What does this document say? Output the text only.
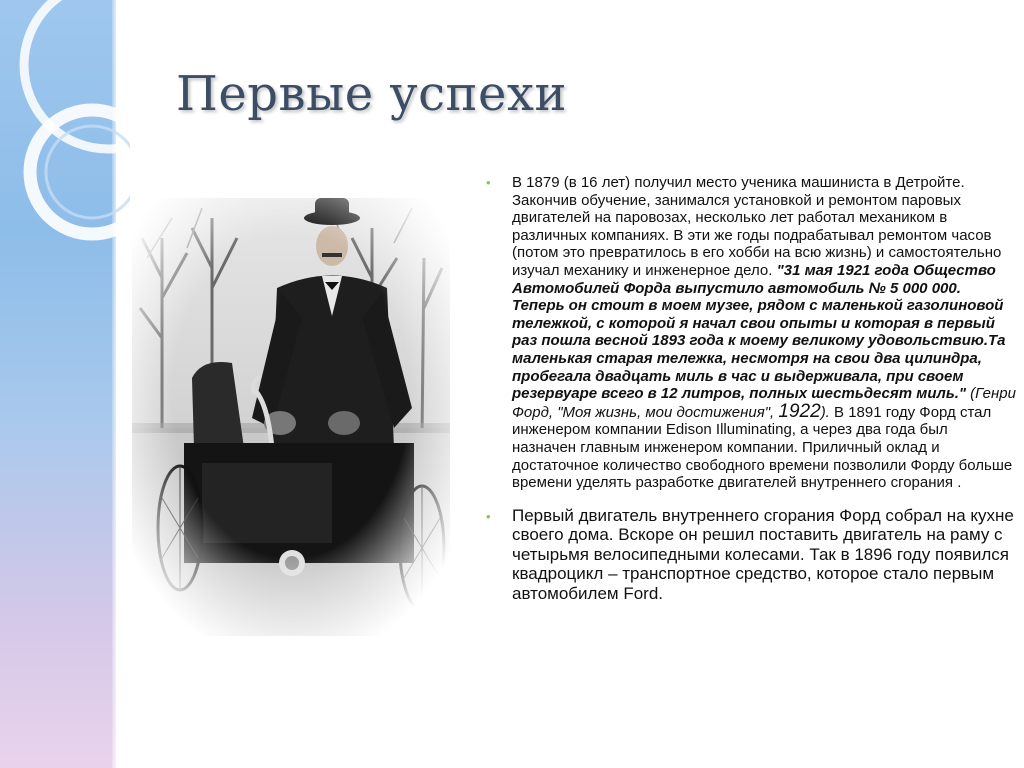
Первые успехи
• В 1879 (в 16 лет) получил место ученика машиниста в Детройте. Закончив обучение, занимался установкой и ремонтом паровых двигателей на паровозах, несколько лет работал механиком в различных компаниях. В эти же годы подрабатывал ремонтом часов (потом это превратилось в его хобби на всю жизнь) и самостоятельно изучал механику и инженерное дело. "31 мая 1921 года Общество Автомобилей Форда выпустило автомобиль № 5 000 000. Теперь он стоит в моем музее, рядом с маленькой газолиновой тележкой, с которой я начал свои опыты и которая в первый раз пошла весной 1893 года к моему великому удовольствию.Та маленькая старая тележка, несмотря на свои два цилиндра, пробегала двадцать миль в час и выдерживала, при своем резервуаре всего в 12 литров, полных шестьдесят миль." (Генри Форд, "Моя жизнь, мои достижения", 1922). В 1891 году Форд стал инженером компании Edison Illuminating, а через два года был назначен главным инженером компании. Приличный оклад и достаточное количество свободного времени позволили Форду больше времени уделять разработке двигателей внутреннего сгорания .
• Первый двигатель внутреннего сгорания Форд собрал на кухне своего дома. Вскоре он решил поставить двигатель на раму с четырьмя велосипедными колесами. Так в 1896 году появился квадроцикл – транспортное средство, которое стало первым автомобилем Ford.
